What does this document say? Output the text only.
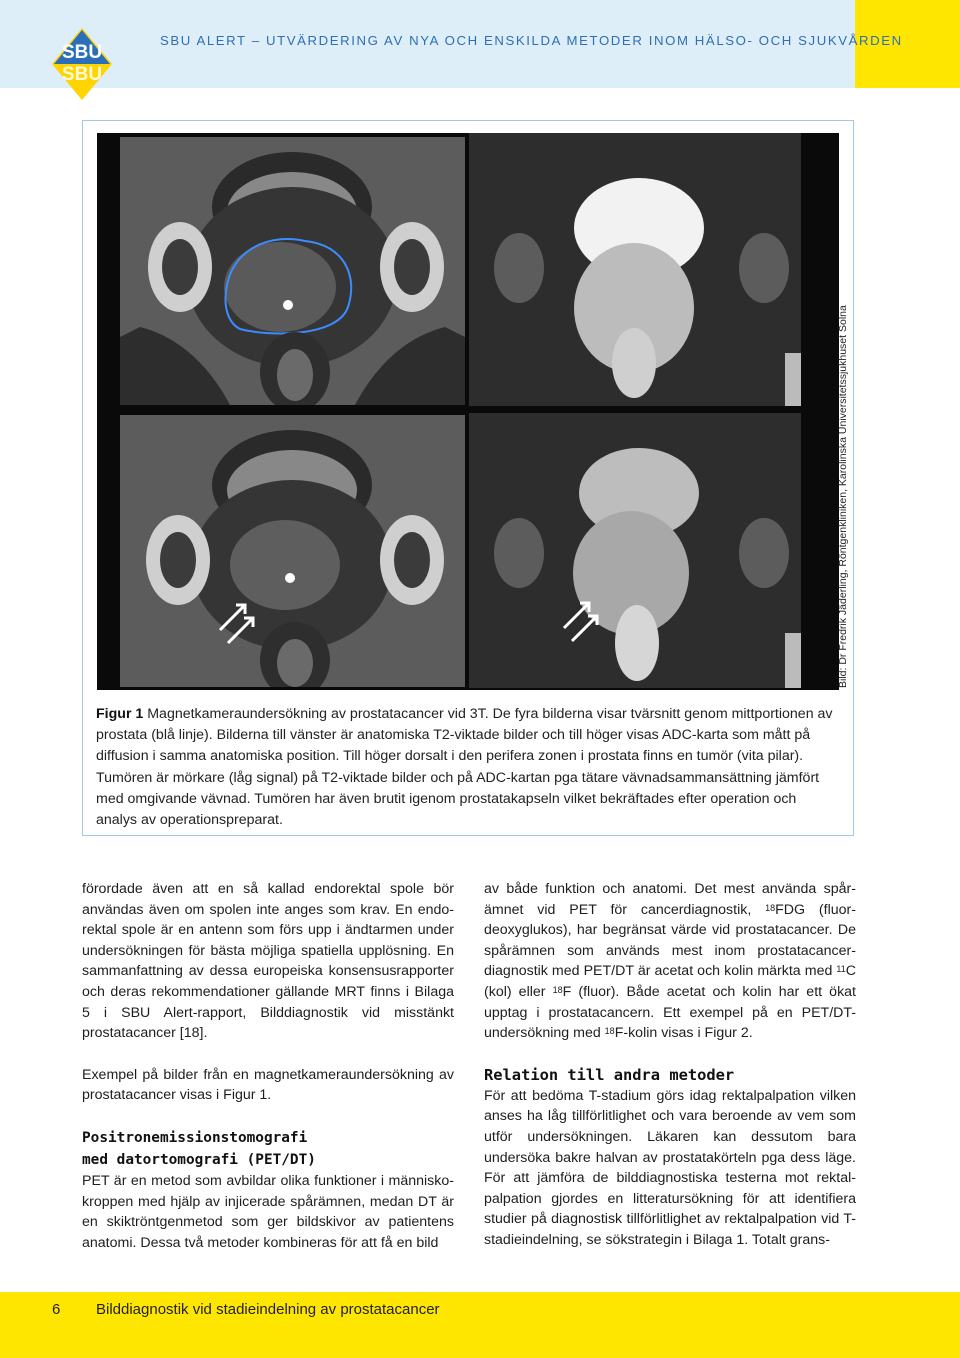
SBU
SBU
SBU ALERT – UTVÄRDERING AV NYA OCH ENSKILDA METODER INOM HÄLSO- OCH SJUKVÅRDEN
Bild: Dr Fredrik Jäderling, Röntgenkliniken, Karolinska Universitetssjukhuset Solna
Figur 1 Magnetkameraundersökning av prostatacancer vid 3T. De fyra bilderna visar tvärsnitt genom mittportionen av prostata (blå linje). Bilderna till vänster är anatomiska T2-viktade bilder och till höger visas ADC-karta som mått på diffusion i samma anatomiska position. Till höger dorsalt i den perifera zonen i prostata finns en tumör (vita pilar). Tumören är mörkare (låg signal) på T2-viktade bilder och på ADC-kartan pga tätare vävnadsammansättning jämfört med omgivande vävnad. Tumören har även brutit igenom prostatakapseln vilket bekräftades efter operation och analys av operationspreparat.

förordade även att en så kallad endorektal spole bör användas även om spolen inte anges som krav. En endorektal spole är en antenn som förs upp i ändtarmen under undersökningen för bästa möjliga spatiella upplösning. En sammanfattning av dessa europeiska konsensusrapporter och deras rekommendationer gällande MRT finns i Bilaga 5 i SBU Alert-rapport, Bilddiagnostik vid misstänkt prostatacancer [18].

Exempel på bilder från en magnetkameraundersökning av prostatacancer visas i Figur 1.

Positronemissionstomografi
med datortomografi (PET/DT)

PET är en metod som avbildar olika funktioner i människokroppen med hjälp av injicerade spårämnen, medan DT är en skiktröntgenmetod som ger bildskivor av patientens anatomi. Dessa två metoder kombineras för att få en bild

av både funktion och anatomi. Det mest använda spårämnet vid PET för cancerdiagnostik, $^{18}$FDG (fluordeoxyglukos), har begränsat värde vid prostatacancer. De spårämnen som används mest inom prostatacancerdiagnostik med PET/DT är acetat och kolin märkta med $^{11}$C (kol) eller $^{18}$F (fluor). Både acetat och kolin har ett ökat upptag i prostatacancern. Ett exempel på en PET/DT-undersökning med $^{18}$F-kolin visas i Figur 2.

Relation till andra metoder

För att bedöma T-stadium görs idag rektalpalpation vilken anses ha låg tillförlitlighet och vara beroende av vem som utför undersökningen. Läkaren kan dessutom bara undersöka bakre halvan av prostatakörteln pga dess läge. För att jämföra de bilddiagnostiska testerna mot rektalpalpation gjordes en litteratursökning för att identifiera studier på diagnostisk tillförlitlighet av rektalpalpation vid T-stadieindelning, se sökstrategin i Bilaga 1. Totalt grans-

6 Bilddiagnostik vid stadieindelning av prostatacancer
